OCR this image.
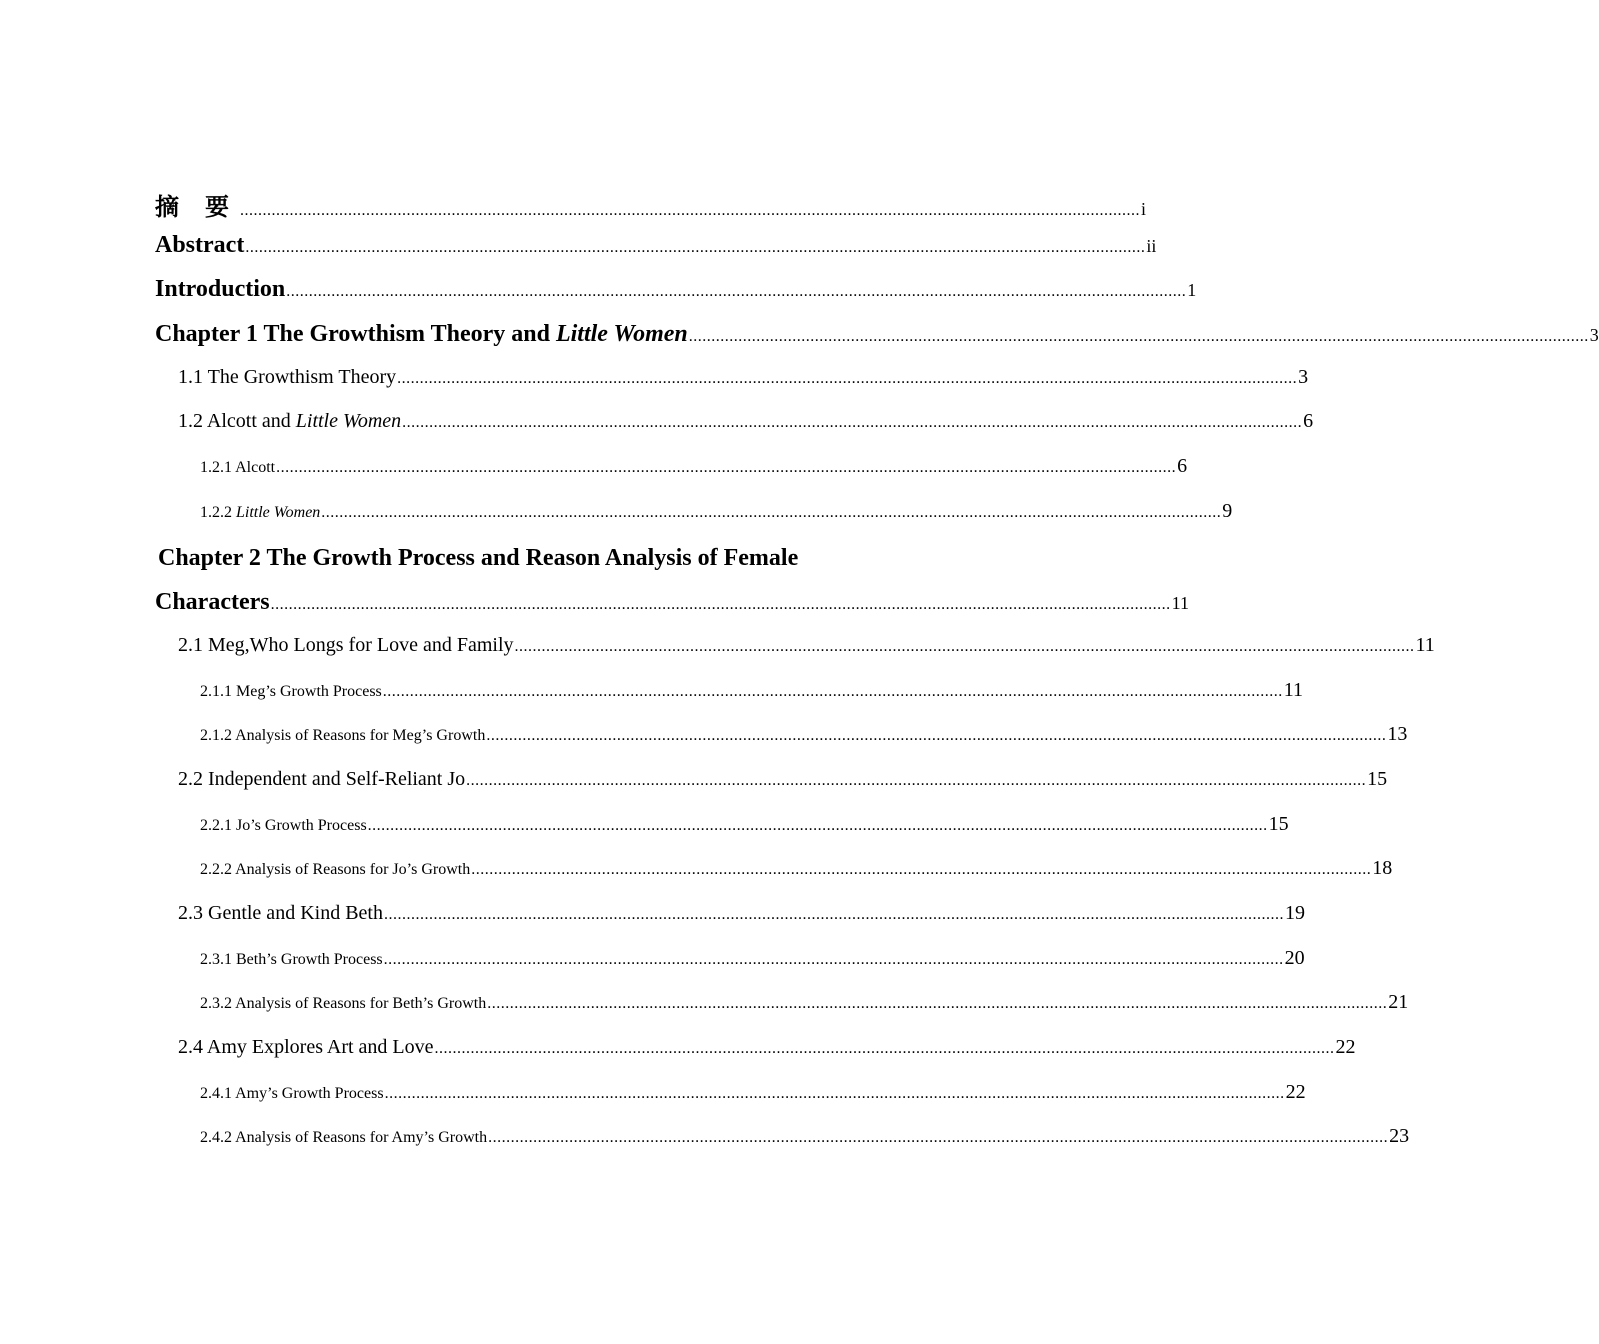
摘 要 ........................................................................................................................................................................................................ i
Abstract ........................................................................................................................................................................................................ ii
Introduction ........................................................................................................................................................................................................ 1
Chapter 1 The Growthism Theory and Little Women ........................................................................................................................................................................................................ 3
1.1 The Growthism Theory ........................................................................................................................................................................................................ 3
1.2 Alcott and Little Women ........................................................................................................................................................................................................ 6
1.2.1 Alcott ........................................................................................................................................................................................................ 6
1.2.2 Little Women ........................................................................................................................................................................................................ 9
Chapter 2 The Growth Process and Reason Analysis of Female
Characters ........................................................................................................................................................................................................ 11
2.1 Meg,Who Longs for Love and Family ........................................................................................................................................................................................................ 11
2.1.1 Meg’s Growth Process ........................................................................................................................................................................................................ 11
2.1.2 Analysis of Reasons for Meg’s Growth ........................................................................................................................................................................................................ 13
2.2 Independent and Self-Reliant Jo ........................................................................................................................................................................................................ 15
2.2.1 Jo’s Growth Process ........................................................................................................................................................................................................ 15
2.2.2 Analysis of Reasons for Jo’s Growth ........................................................................................................................................................................................................ 18
2.3 Gentle and Kind Beth ........................................................................................................................................................................................................ 19
2.3.1 Beth’s Growth Process ........................................................................................................................................................................................................ 20
2.3.2 Analysis of Reasons for Beth’s Growth ........................................................................................................................................................................................................ 21
2.4 Amy Explores Art and Love ........................................................................................................................................................................................................ 22
2.4.1 Amy’s Growth Process ........................................................................................................................................................................................................ 22
2.4.2 Analysis of Reasons for Amy’s Growth ........................................................................................................................................................................................................ 23
